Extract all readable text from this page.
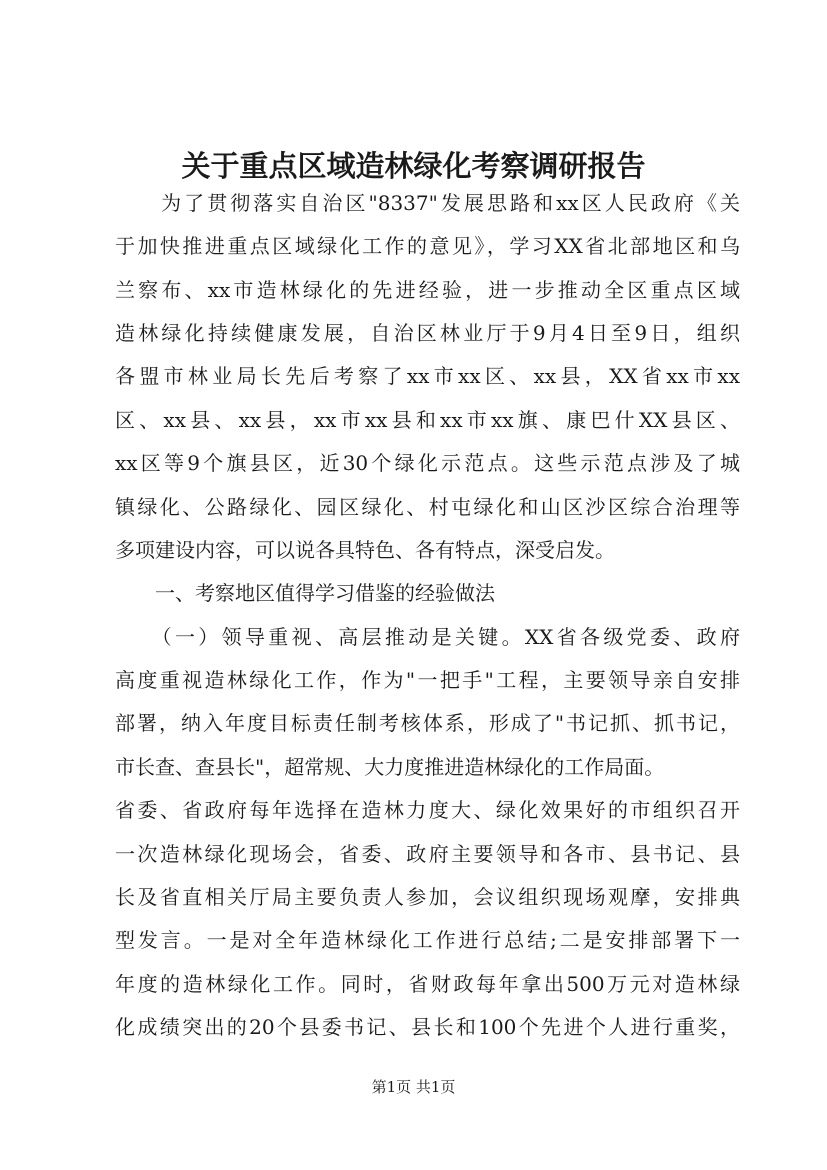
关于重点区域造林绿化考察调研报告
　　为了贯彻落实自治区"8337"发展思路和xx区人民政府《关
于加快推进重点区域绿化工作的意见》，学习XX省北部地区和乌
兰察布、xx市造林绿化的先进经验，进一步推动全区重点区域
造林绿化持续健康发展，自治区林业厅于9月4日至9日，组织
各盟市林业局长先后考察了xx市xx区、xx县，XX省xx市xx
区、xx县、xx县，xx市xx县和xx市xx旗、康巴什XX县区、
xx区等9个旗县区，近30个绿化示范点。这些示范点涉及了城
镇绿化、公路绿化、园区绿化、村屯绿化和山区沙区综合治理等
多项建设内容，可以说各具特色、各有特点，深受启发。
　　一、考察地区值得学习借鉴的经验做法
　　（一）领导重视、高层推动是关键。XX省各级党委、政府
高度重视造林绿化工作，作为"一把手"工程，主要领导亲自安排
部署，纳入年度目标责任制考核体系，形成了"书记抓、抓书记，
市长查、查县长"，超常规、大力度推进造林绿化的工作局面。
省委、省政府每年选择在造林力度大、绿化效果好的市组织召开
一次造林绿化现场会，省委、政府主要领导和各市、县书记、县
长及省直相关厅局主要负责人参加，会议组织现场观摩，安排典
型发言。一是对全年造林绿化工作进行总结;二是安排部署下一
年度的造林绿化工作。同时，省财政每年拿出500万元对造林绿
化成绩突出的20个县委书记、县长和100个先进个人进行重奖，
第1页 共1页
